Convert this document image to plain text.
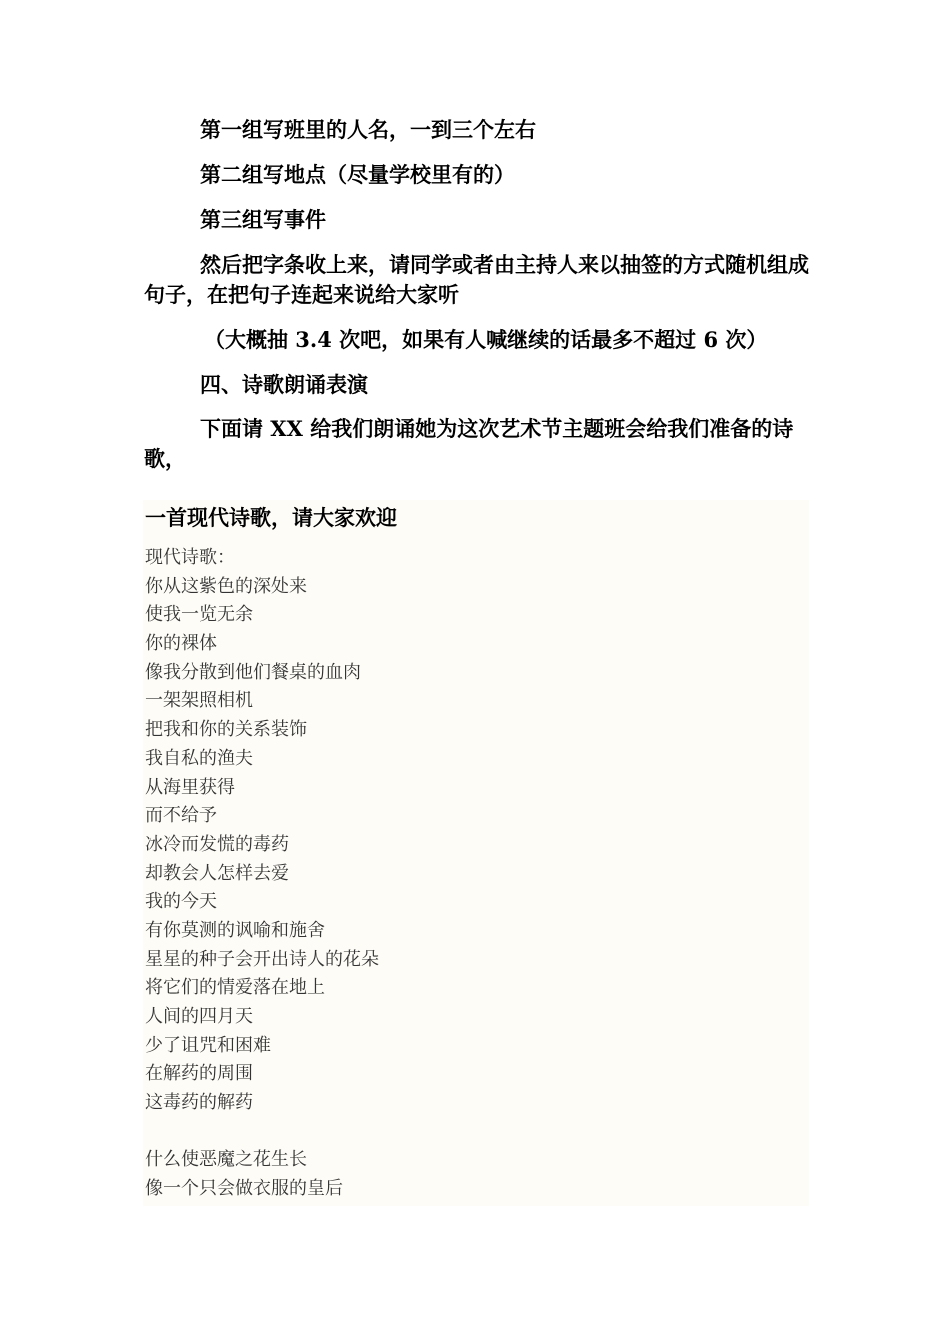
第一组写班里的人名，一到三个左右

第二组写地点（尽量学校里有的）

第三组写事件

然后把字条收上来，请同学或者由主持人来以抽签的方式随机组成句子，在把句子连起来说给大家听

（大概抽 3.4 次吧，如果有人喊继续的话最多不超过 6 次）

四、诗歌朗诵表演

下面请 XX 给我们朗诵她为这次艺术节主题班会给我们准备的诗歌，

一首现代诗歌，请大家欢迎

现代诗歌：
你从这紫色的深处来
使我一览无余
你的裸体
像我分散到他们餐桌的血肉
一架架照相机
把我和你的关系装饰
我自私的渔夫
从海里获得
而不给予
冰冷而发慌的毒药
却教会人怎样去爱
我的今天
有你莫测的讽喻和施舍
星星的种子会开出诗人的花朵
将它们的情爱落在地上
人间的四月天
少了诅咒和困难
在解药的周围
这毒药的解药
什么使恶魔之花生长
像一个只会做衣服的皇后
